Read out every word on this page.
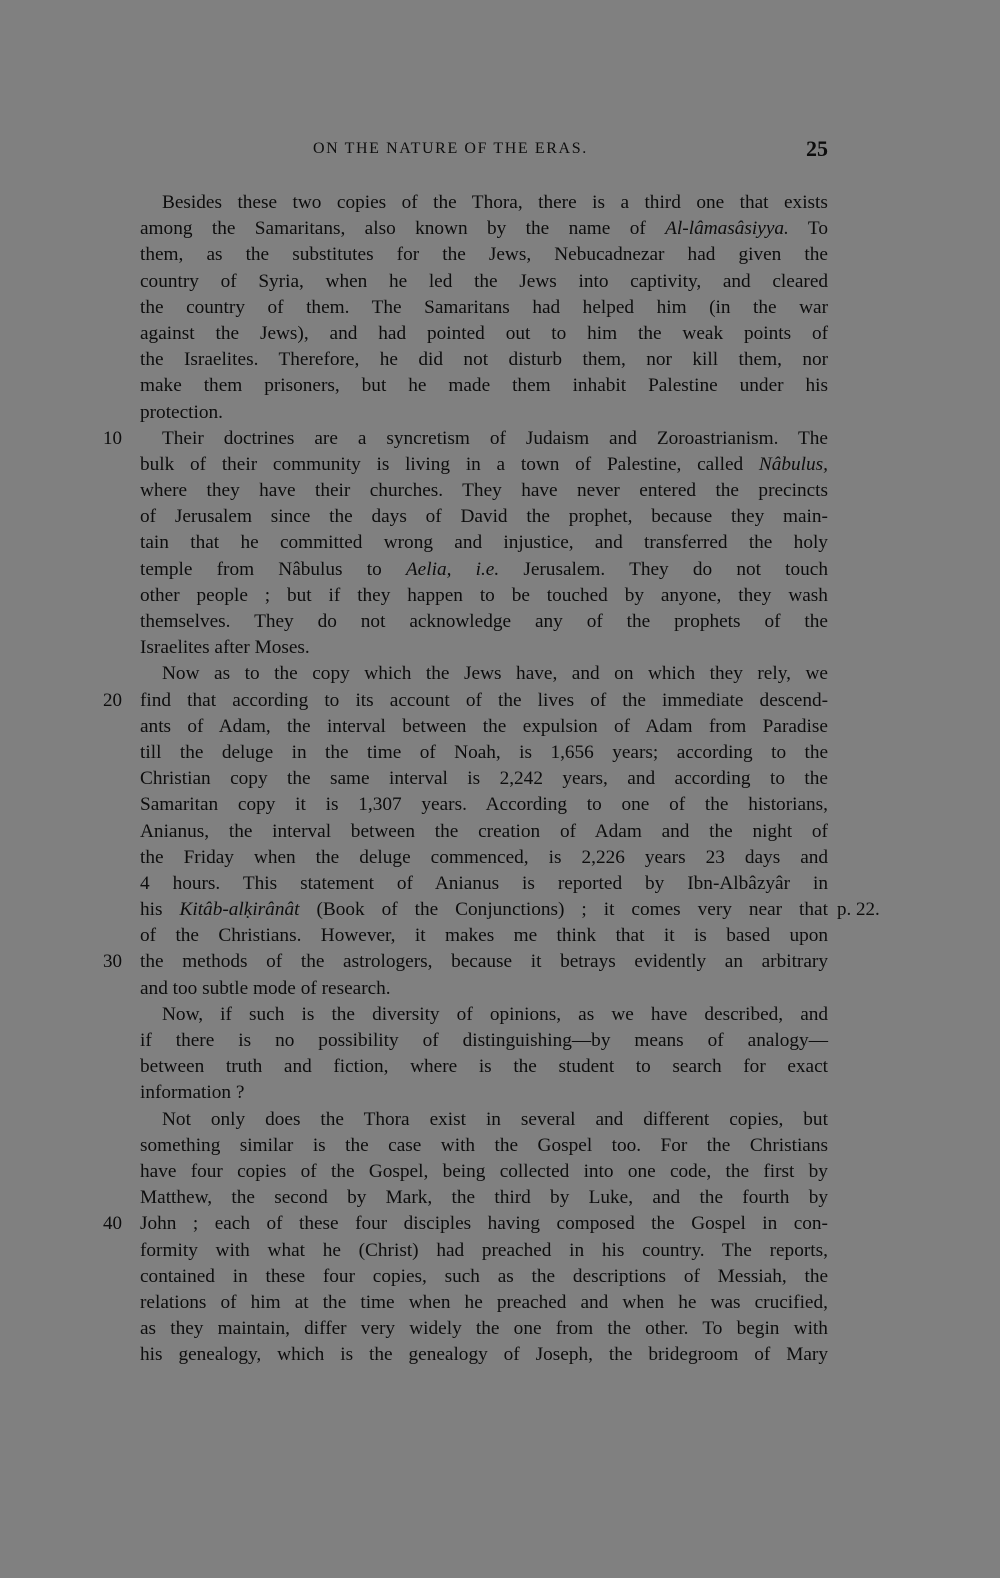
ON THE NATURE OF THE ERAS.	25
Besides these two copies of the Thora, there is a third one that exists
among the Samaritans, also known by the name of Al-lâmasâsiyya. To
them, as the substitutes for the Jews, Nebucadnezar had given the
country of Syria, when he led the Jews into captivity, and cleared
the country of them. The Samaritans had helped him (in the war
against the Jews), and had pointed out to him the weak points of
the Israelites. Therefore, he did not disturb them, nor kill them, nor
make them prisoners, but he made them inhabit Palestine under his
protection.
Their doctrines are a syncretism of Judaism and Zoroastrianism. The
10
bulk of their community is living in a town of Palestine, called Nâbulus,
where they have their churches. They have never entered the precincts
of Jerusalem since the days of David the prophet, because they main-
tain that he committed wrong and injustice, and transferred the holy
temple from Nâbulus to Aelia, i.e. Jerusalem. They do not touch
other people ; but if they happen to be touched by anyone, they wash
themselves. They do not acknowledge any of the prophets of the
Israelites after Moses.
Now as to the copy which the Jews have, and on which they rely, we
find that according to its account of the lives of the immediate descend-
20
ants of Adam, the interval between the expulsion of Adam from Paradise
till the deluge in the time of Noah, is 1,656 years; according to the
Christian copy the same interval is 2,242 years, and according to the
Samaritan copy it is 1,307 years. According to one of the historians,
Anianus, the interval between the creation of Adam and the night of
the Friday when the deluge commenced, is 2,226 years 23 days and
4 hours. This statement of Anianus is reported by Ibn-Albâzyâr in
his Kitâb-alḳirânât (Book of the Conjunctions) ; it comes very near that p. 22.
of the Christians. However, it makes me think that it is based upon
the methods of the astrologers, because it betrays evidently an arbitrary
30
and too subtle mode of research.
Now, if such is the diversity of opinions, as we have described, and
if there is no possibility of distinguishing—by means of analogy—
between truth and fiction, where is the student to search for exact
information ?
Not only does the Thora exist in several and different copies, but
something similar is the case with the Gospel too. For the Christians
have four copies of the Gospel, being collected into one code, the first by
Matthew, the second by Mark, the third by Luke, and the fourth by
John ; each of these four disciples having composed the Gospel in con-
40
formity with what he (Christ) had preached in his country. The reports,
contained in these four copies, such as the descriptions of Messiah, the
relations of him at the time when he preached and when he was crucified,
as they maintain, differ very widely the one from the other. To begin with
his genealogy, which is the genealogy of Joseph, the bridegroom of Mary
